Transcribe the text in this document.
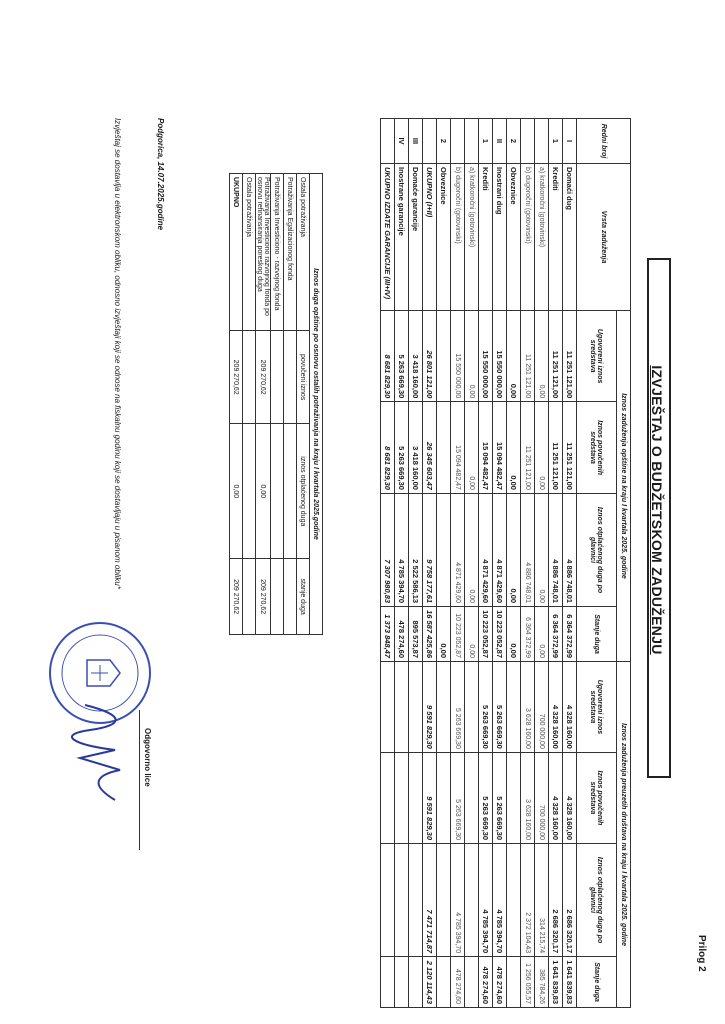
Prilog 2
IZVJEŠTAJ O BUDŽETSKOM ZADUŽENJU
Redni broj	Vrsta zaduženja	Iznos zaduženja opštine na kraju I kvartala 2025. godine				Iznos zaduženja preuzetih društava na kraju I kvartala 2025. godine			
		Ugovoreni iznos sredstava	Iznos povučenih sredstava	Iznos otplaćenog duga po glavnici	Stanje duga	Ugovoreni iznos sredstava	Iznos povučenih sredstava	Iznos otplaćenog duga po glavnici	Stanje duga
I	Domaći dug	11 251 121,00	11 251 121,00	4 886 748,01	6 364 372,99	4 328 160,00	4 328 160,00	2 686 320,17	1 641 839,83
1	Krediti	11 251 121,00	11 251 121,00	4 886 748,01	6 364 372,99	4 328 160,00	4 328 160,00	2 686 320,17	1 641 839,83
	a) kratkoročni (gotovinski)	0,00	0,00	0,00	0,00	700 000,00	700 000,00	314 215,74	385 784,26
	b) dugoročni (gotovinski)	11 251 121,00	11 251 121,00	4 886 748,01	6 364 372,99	3 628 160,00	3 628 160,00	2 372 104,43	1 256 055,57
2	Obveznice	0,00	0,00	0,00	0,00				
II	Inostrani dug	15 550 000,00	15 094 482,47	4 871 429,60	10 223 052,87	5 263 669,30	5 263 669,30	4 785 394,70	478 274,60
1	Krediti	15 550 000,00	15 094 482,47	4 871 429,60	10 223 052,87	5 263 669,30	5 263 669,30	4 785 394,70	478 274,60
	a) kratkoročni (gotovinski)	0,00	0,00	0,00	0,00				
	b) dugoročni (gotovinski)	15 550 000,00	15 094 482,47	4 871 429,60	10 223 052,87	5 263 669,30	5 263 669,30	4 785 394,70	478 274,60
2	Obveznice				0,00				
	UKUPNO (I+II)	26 801 121,00	26 345 603,47	9 758 177,61	16 587 425,86	9 591 829,30	9 591 829,30	7 471 714,87	2 120 114,43
III	Domaće garancije	3 418 160,00	3 418 160,00	2 522 586,13	895 573,87				
IV	Inostrane garancije	5 263 669,30	5 263 669,30	4 785 394,70	478 274,60				
	UKUPNO IZDATE GARANCIJE (III+IV)	8 681 829,30	8 681 829,30	7 307 980,83	1 373 848,47				
Iznos duga opštine po osnovu ostalih potraživanja na kraju I kvartala 2025.godine			
Ostala potraživanja	povučeni iznos	iznos otplaćenog duga	stanje duga
Potraživanja Egalizacionog fonda			
Potraživanja Investiciono - razvojnog fonda			
Potraživanja Investiciono razvojnog fonda po osnovu refinansiranja poreskog duga	209 270,62	0,00	209 270,62
Ostala potraživanja			
UKUPNO	209 270,62	0,00	209 270,62
Podgorica, 14.07.2025.godine
Izvještaj se dostavlja u elektronskom obliku, odnosno izvještaji koji se odnose na fiskalnu godinu koji se dostavljaju u pisanom obliku*
Odgovorno lice
